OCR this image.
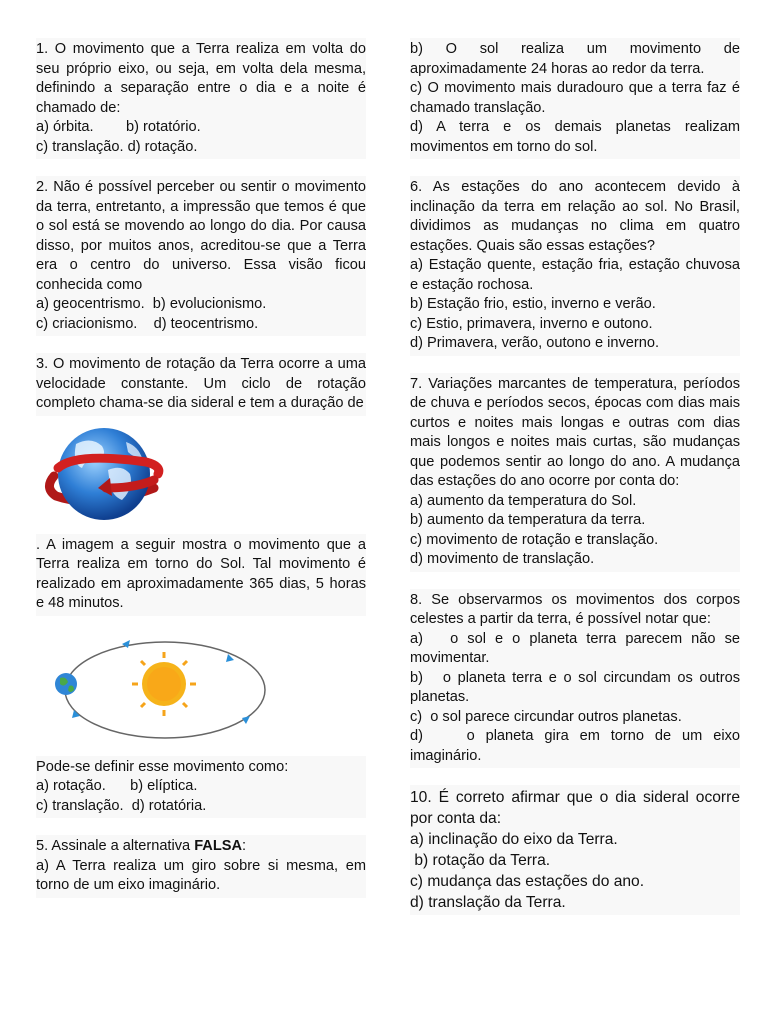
1. O movimento que a Terra realiza em volta do seu próprio eixo, ou seja, em volta dela mesma, definindo a separação entre o dia e a noite é chamado de:
a) órbita. b) rotatório.
c) translação. d) rotação.
2. Não é possível perceber ou sentir o movimento da terra, entretanto, a impressão que temos é que o sol está se movendo ao longo do dia. Por causa disso, por muitos anos, acreditou-se que a Terra era o centro do universo. Essa visão ficou conhecida como
a) geocentrismo.  b) evolucionismo.
c) criacionismo.    d) teocentrismo.
3. O movimento de rotação da Terra ocorre a uma velocidade constante. Um ciclo de rotação completo chama-se dia sideral e tem a duração de
. A imagem a seguir mostra o movimento que a Terra realiza em torno do Sol. Tal movimento é realizado em aproximadamente 365 dias, 5 horas e 48 minutos.
Pode-se definir esse movimento como:
a) rotação.      b) elíptica.
c) translação.  d) rotatória.
5. Assinale a alternativa FALSA:
a) A Terra realiza um giro sobre si mesma, em torno de um eixo imaginário.
b) O sol realiza um movimento de aproximadamente 24 horas ao redor da terra.
c) O movimento mais duradouro que a terra faz é chamado translação.
d) A terra e os demais planetas realizam movimentos em torno do sol.
6. As estações do ano acontecem devido à inclinação da terra em relação ao sol. No Brasil, dividimos as mudanças no clima em quatro estações. Quais são essas estações?
a) Estação quente, estação fria, estação chuvosa e estação rochosa.
b) Estação frio, estio, inverno e verão.
c) Estio, primavera, inverno e outono.
d) Primavera, verão, outono e inverno.
7. Variações marcantes de temperatura, períodos de chuva e períodos secos, épocas com dias mais curtos e noites mais longas e outras com dias mais longos e noites mais curtas, são mudanças que podemos sentir ao longo do ano. A mudança das estações do ano ocorre por conta do:
a) aumento da temperatura do Sol.
b) aumento da temperatura da terra.
c) movimento de rotação e translação.
d) movimento de translação.
8. Se observarmos os movimentos dos corpos celestes a partir da terra, é possível notar que:
a)   o sol e o planeta terra parecem não se movimentar.
b)   o planeta terra e o sol circundam os outros planetas.
c)  o sol parece circundar outros planetas.
d)    o planeta gira em torno de um eixo imaginário.
10. É correto afirmar que o dia sideral ocorre por conta da:
a) inclinação do eixo da Terra.
b) rotação da Terra.
c) mudança das estações do ano.
d) translação da Terra.
